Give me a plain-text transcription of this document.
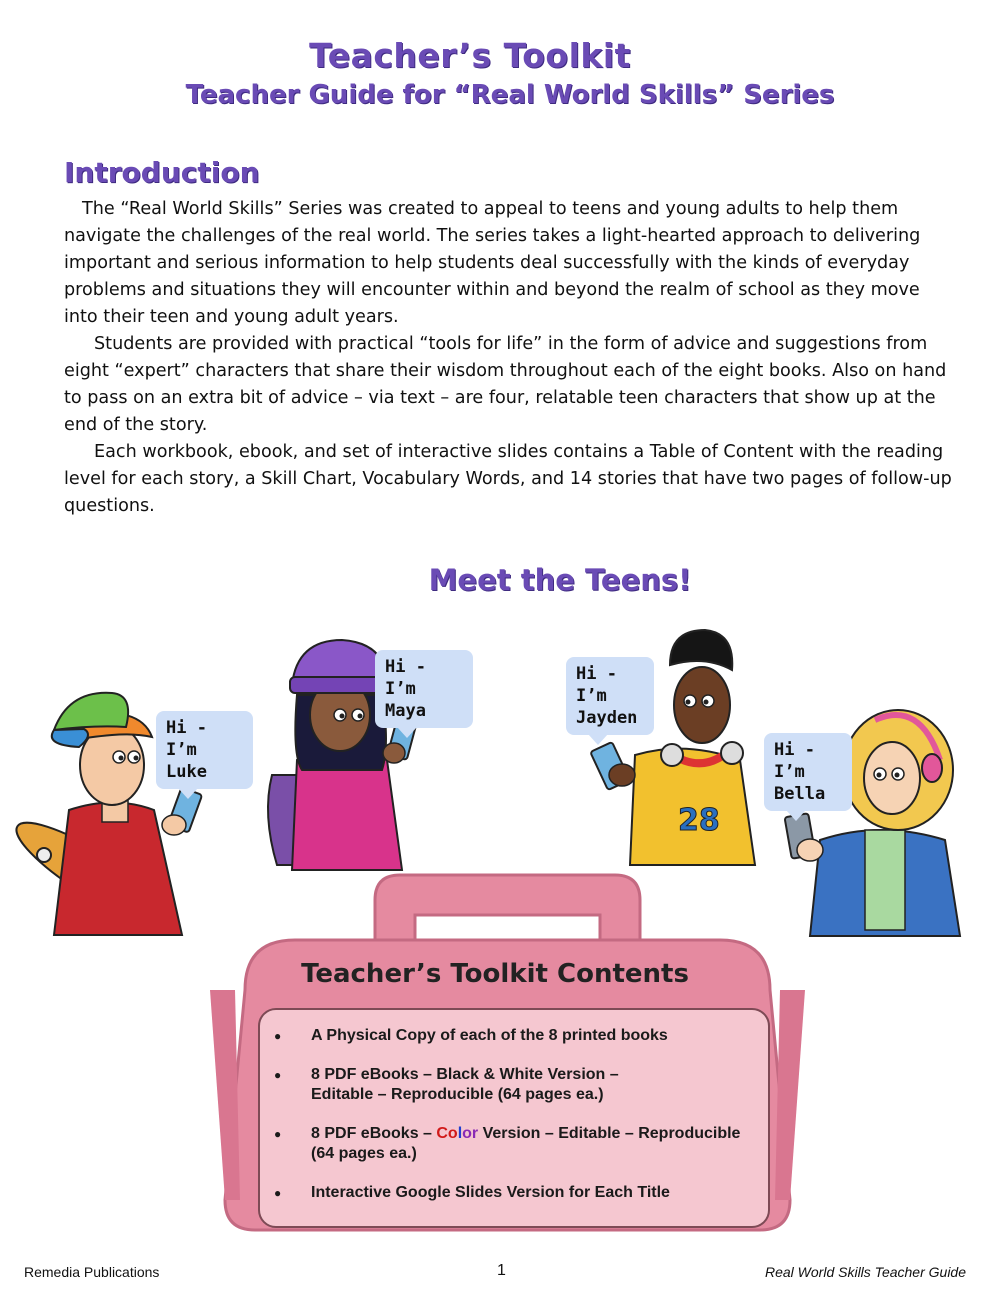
Teacher’s Toolkit
Teacher Guide for “Real World Skills” Series
Introduction

The “Real World Skills” Series was created to appeal to teens and young adults to help them navigate the challenges of the real world. The series takes a light-hearted approach to delivering important and serious information to help students deal successfully with the kinds of everyday problems and situations they will encounter within and beyond the realm of school as they move into their teen and young adult years.

Students are provided with practical “tools for life” in the form of advice and suggestions from eight “expert” characters that share their wisdom throughout each of the eight books. Also on hand to pass on an extra bit of advice – via text – are four, relatable teen characters that show up at the end of the story.

Each workbook, ebook, and set of interactive slides contains a Table of Content with the reading level for each story, a Skill Chart, Vocabulary Words, and 14 stories that have two pages of follow-up questions.

Meet the Teens!
Hi - I’m
Luke
Hi - I’m
Maya
28
Hi - I’m
Jayden
Hi - I’m
Bella
Teacher’s Toolkit Contents
● A Physical Copy of each of the 8 printed books
● 8 PDF eBooks – Black & White Version –
Editable – Reproducible (64 pages ea.)
● 8 PDF eBooks – Color Version – Editable – Reproducible
(64 pages ea.)
● Interactive Google Slides Version for Each Title
Remedia Publications	1	Real World Skills Teacher Guide
